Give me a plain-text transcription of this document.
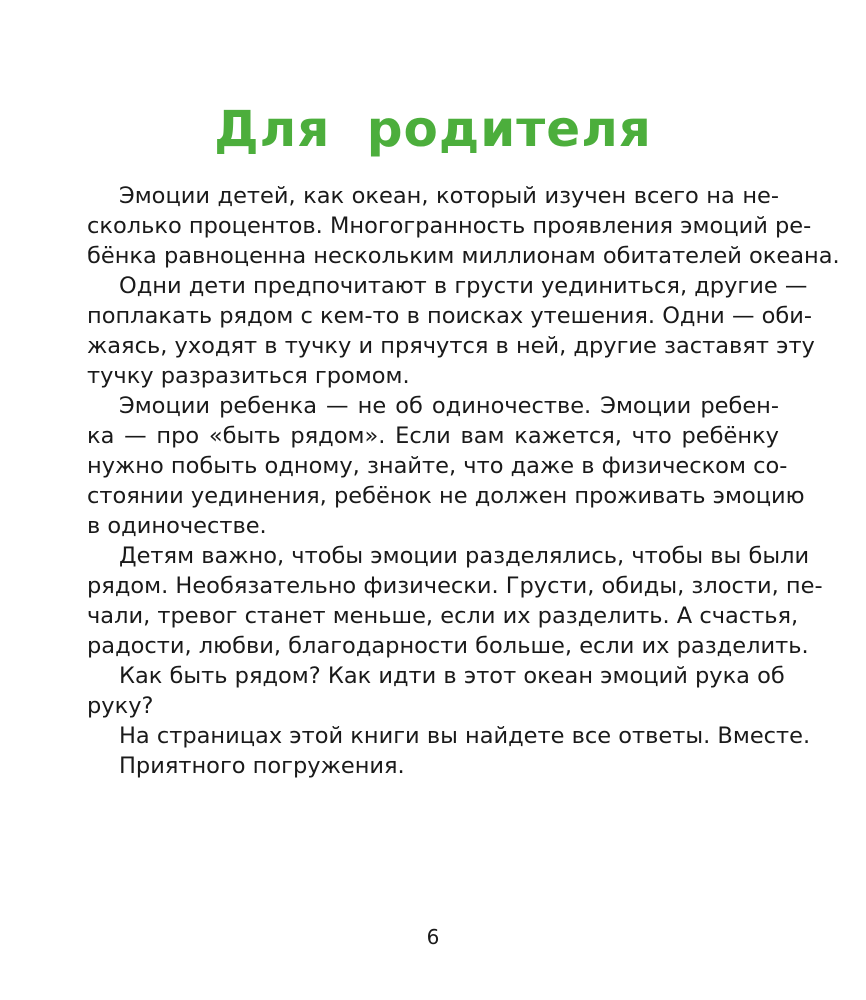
Для родителя
Эмоции детей, как океан, который изучен всего на не-
сколько процентов. Многогранность проявления эмоций ре-
бёнка равноценна нескольким миллионам обитателей океана.
Одни дети предпочитают в грусти уединиться, другие —
поплакать рядом с кем-то в поисках утешения. Одни — оби-
жаясь, уходят в тучку и прячутся в ней, другие заставят эту
тучку разразиться громом.
Эмоции ребенка — не об одиночестве. Эмоции ребен-
ка — про «быть рядом». Если вам кажется, что ребёнку
нужно побыть одному, знайте, что даже в физическом со-
стоянии уединения, ребёнок не должен проживать эмоцию
в одиночестве.
Детям важно, чтобы эмоции разделялись, чтобы вы были
рядом. Необязательно физически. Грусти, обиды, злости, пе-
чали, тревог станет меньше, если их разделить. А счастья,
радости, любви, благодарности больше, если их разделить.
Как быть рядом? Как идти в этот океан эмоций рука об
руку?
На страницах этой книги вы найдете все ответы. Вместе.
Приятного погружения.
6
